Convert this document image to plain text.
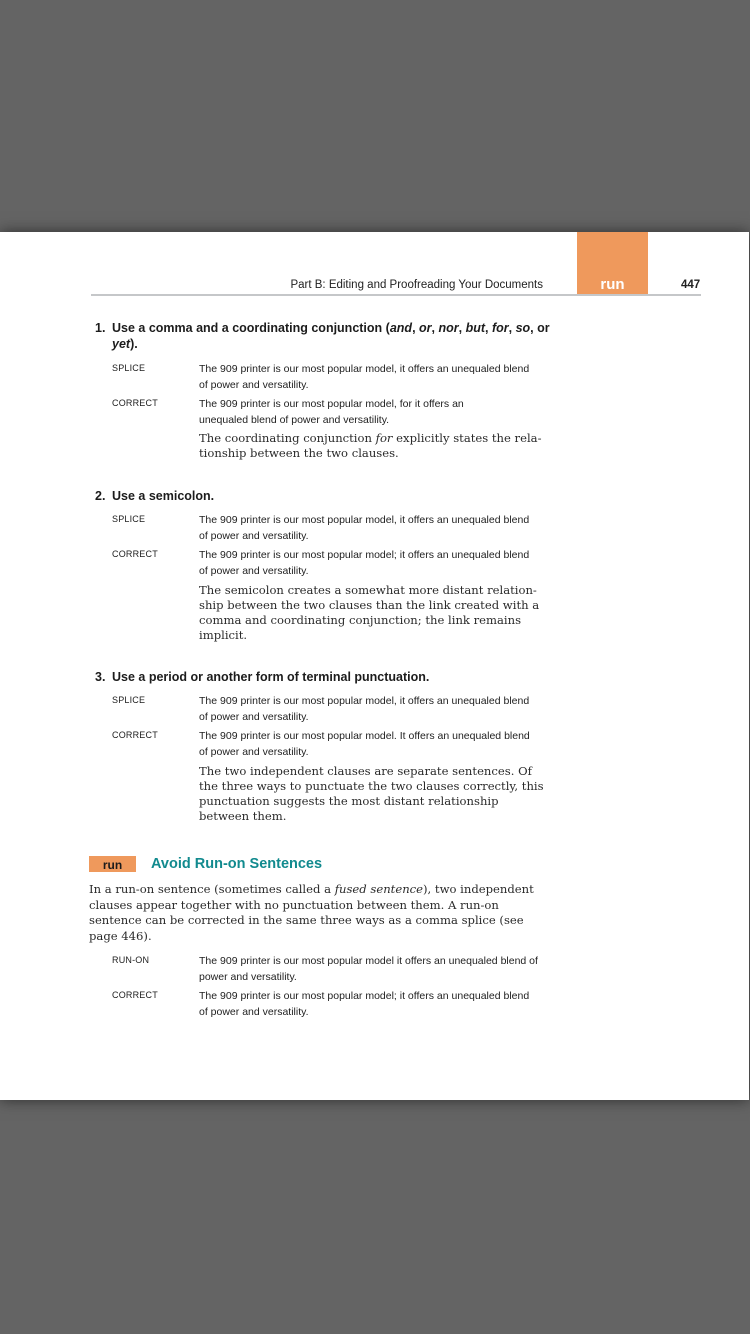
run
Part B: Editing and Proofreading Your Documents	447
1. Use a comma and a coordinating conjunction (and, or, nor, but, for, so, or yet).
SPLICE	The 909 printer is our most popular model, it offers an unequaled blend of power and versatility.
CORRECT	The 909 printer is our most popular model, for it offers an unequaled blend of power and versatility.
The coordinating conjunction for explicitly states the rela-tionship between the two clauses.
2. Use a semicolon.
SPLICE	The 909 printer is our most popular model, it offers an unequaled blend of power and versatility.
CORRECT	The 909 printer is our most popular model; it offers an unequaled blend of power and versatility.
The semicolon creates a somewhat more distant relation-ship between the two clauses than the link created with a comma and coordinating conjunction; the link remains implicit.
3. Use a period or another form of terminal punctuation.
SPLICE	The 909 printer is our most popular model, it offers an unequaled blend of power and versatility.
CORRECT	The 909 printer is our most popular model. It offers an unequaled blend of power and versatility.
The two independent clauses are separate sentences. Of the three ways to punctuate the two clauses correctly, this punctuation suggests the most distant relationship between them.
run	Avoid Run-on Sentences
In a run-on sentence (sometimes called a fused sentence), two independent clauses appear together with no punctuation between them. A run-on sentence can be corrected in the same three ways as a comma splice (see page 446).
RUN-ON	The 909 printer is our most popular model it offers an unequaled blend of power and versatility.
CORRECT	The 909 printer is our most popular model; it offers an unequaled blend of power and versatility.
